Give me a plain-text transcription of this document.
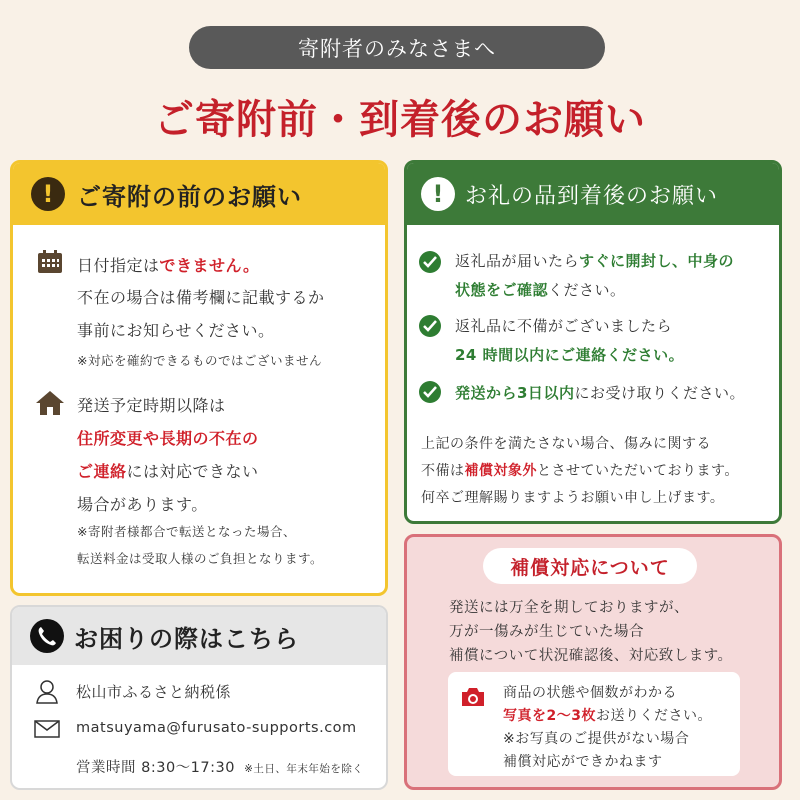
寄附者のみなさまへ
ご寄附前・到着後のお願い
! ご寄附の前のお願い
日付指定はできません。
不在の場合は備考欄に記載するか
事前にお知らせください。
※対応を確約できるものではございません
発送予定時期以降は
住所変更や長期の不在の
ご連絡には対応できない
場合があります。
※寄附者様都合で転送となった場合、
転送料金は受取人様のご負担となります。
! お礼の品到着後のお願い
返礼品が届いたらすぐに開封し、中身の
状態をご確認ください。
返礼品に不備がございましたら
24 時間以内にご連絡ください。
発送から3日以内にお受け取りください。
上記の条件を満たさない場合、傷みに関する
不備は補償対象外とさせていただいております。
何卒ご理解賜りますようお願い申し上げます。
お困りの際はこちら
松山市ふるさと納税係
matsuyama@furusato-supports.com
営業時間 8:30〜17:30 ※土日、年末年始を除く
補償対応について
発送には万全を期しておりますが、
万が一傷みが生じていた場合
補償について状況確認後、対応致します。
商品の状態や個数がわかる
写真を2〜3枚お送りください。
※お写真のご提供がない場合
補償対応ができかねます
